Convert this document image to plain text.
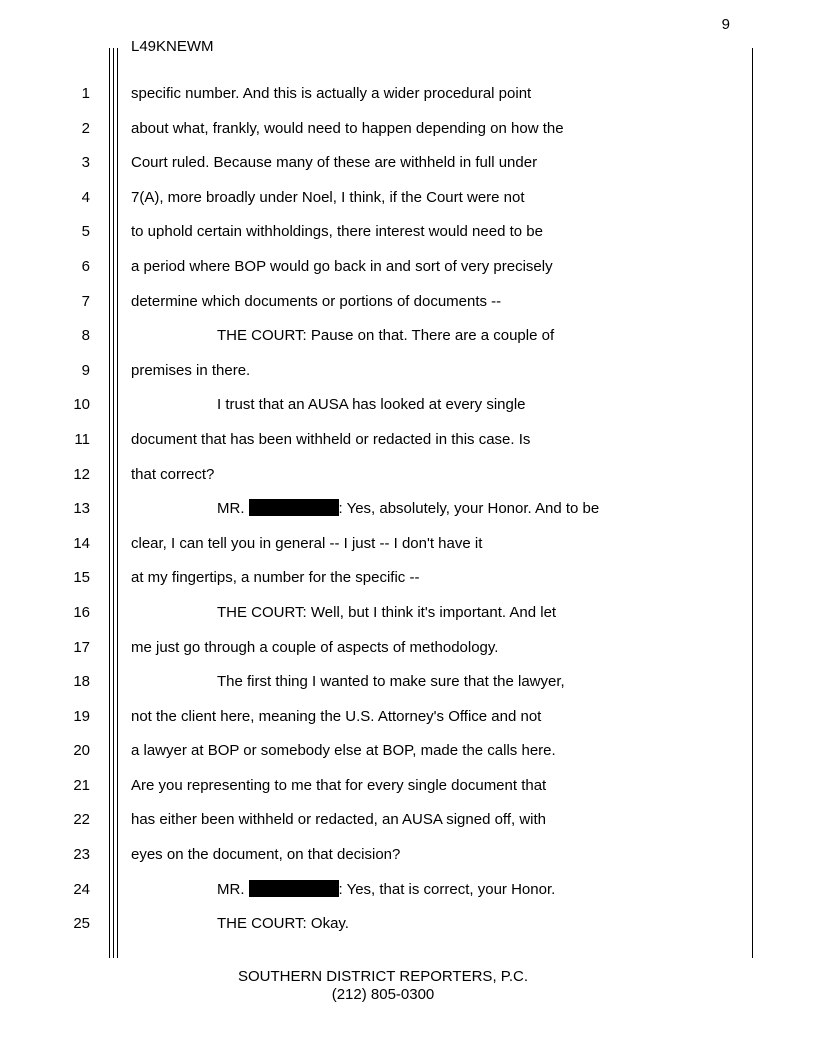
9
L49KNEWM
1	specific number. And this is actually a wider procedural point
2	about what, frankly, would need to happen depending on how the
3	Court ruled. Because many of these are withheld in full under
4	7(A), more broadly under Noel, I think, if the Court were not
5	to uphold certain withholdings, there interest would need to be
6	a period where BOP would go back in and sort of very precisely
7	determine which documents or portions of documents --
8	THE COURT: Pause on that. There are a couple of
9	premises in there.
10	I trust that an AUSA has looked at every single
11	document that has been withheld or redacted in this case. Is
12	that correct?
13	MR.	: Yes, absolutely, your Honor. And to be
14	clear, I can tell you in general -- I just -- I don't have it
15	at my fingertips, a number for the specific --
16	THE COURT: Well, but I think it's important. And let
17	me just go through a couple of aspects of methodology.
18	The first thing I wanted to make sure that the lawyer,
19	not the client here, meaning the U.S. Attorney's Office and not
20	a lawyer at BOP or somebody else at BOP, made the calls here.
21	Are you representing to me that for every single document that
22	has either been withheld or redacted, an AUSA signed off, with
23	eyes on the document, on that decision?
24	MR.	: Yes, that is correct, your Honor.
25	THE COURT: Okay.
SOUTHERN DISTRICT REPORTERS, P.C.
(212) 805-0300
